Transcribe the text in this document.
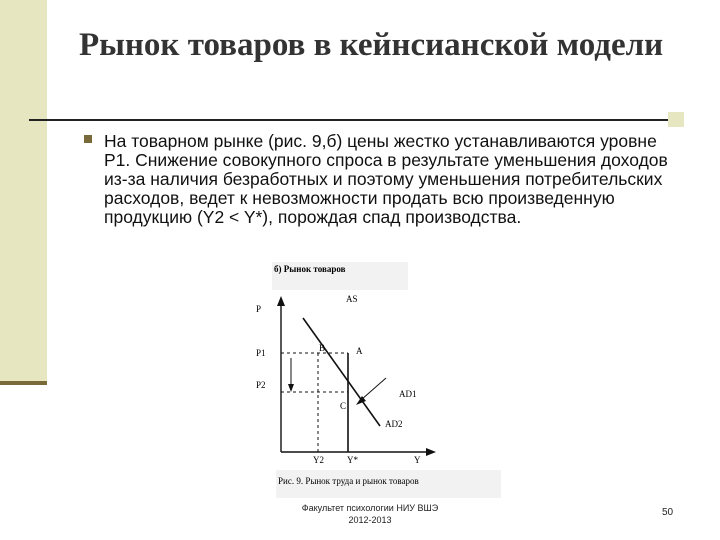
Рынок товаров в кейнсианской модели
На товарном рынке (рис. 9,б) цены жестко устанавливаются уровне P1. Снижение совокупного спроса в результате уменьшения доходов из-за наличия безработных и поэтому уменьшения потребительских расходов, ведет к невозможности продать всю произведенную продукцию (Y2 < Y*), порождая спад производства.
б) Рынок товаров
P
P1
P2
AS
B	A
AD1
C
AD2
Y2	Y*	Y
Рис. 9. Рынок труда и рынок товаров
Факультет психологии НИУ ВШЭ
2012-2013
50
